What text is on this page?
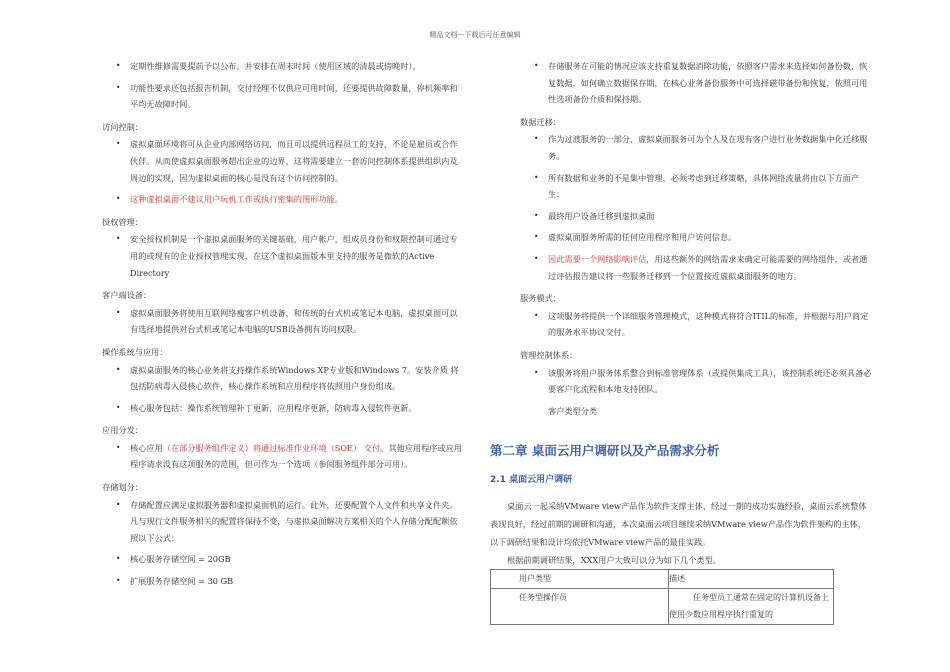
精品文档---下载后可任意编辑
• 定期性维修需要提前予以公布，并安排在周末时间（使用区域的清晨或傍晚时）。
• 功能性要求还包括报告机制，交付经理不仅供应可用时间，还要提供故障数量，停机频率和平均无故障时间。
访问控制：
• 虚拟桌面环境将可从企业内部网络访问，而且可以提供远程员工的支持，不论是雇员或合作伙伴。从而使虚拟桌面服务超出企业的边界，这将需要建立一套访问控制体系提供组织内及周边的实现，因为虚拟桌面的核心是没有这个访问控制的。
• 这种虚拟桌面不建议用户玩机工作或执行密集的图形功能。
授权管理：
• 安全授权机制是一个虚拟桌面服务的关键基础，用户帐户，组成员身份和权限控制可通过专用的或现有的企业授权管理实现，在这个虚拟桌面版本里支持的服务是微软的Active Directory
客户端设备：
• 虚拟桌面服务将使用互联网络瘦客户机设备，和传统的台式机或笔记本电脑，虚拟桌面可以有选择地提供对台式机或笔记本电脑的USB设备拥有访问权限。
操作系统与应用：
• 虚拟桌面服务的核心业务将支持操作系统Windows XP专业版和Windows 7。安装介质 将包括防病毒入侵核心软件，核心操作系统和应用程序将依照用户身份组成。
• 核心服务包括：操作系统管理补丁更新，应用程序更新，防病毒入侵软件更新。
应用分发：
• 核心应用（在部分服务组件定义）将通过标准作业环境（SOE） 交付。其他应用程序或应用程序请求没有这项服务的范围，但可作为一个选项（参阅服务组件部分可用）。
存储划分：
• 存储配置应满足虚拟服务器和虚拟桌面机的运行。此外，还要配置个人文件和共享文件夹。凡与现行文件服务相关的配置将保持不变，与虚拟桌面解决方案相关的个人存储分配配额依照以下公式：
• 核心服务存储空间 = 20GB
• 扩展服务存储空间 = 30 GB
• 存储服务在可能的情况应该支持重复数据消除功能，依照客户需求来选择如何备份数，恢复数据，如何确立数据保存期，在核心业务备份服务中可选择磁带备份和恢复，依照可用性选项备份介质和保持期。
数据迁移：
• 作为过渡服务的一部分，虚拟桌面服务可为个人及在现有客户进行业务数据集中化迁移服务。
• 所有数据和业务的不是集中管理，必须考虑到迁移策略，具体网络流量将由以下方面产生：
• 最终用户设备迁移到虚拟桌面
• 虚拟桌面服务所需的任何应用程序和用户访问信息。
• 因此需要一个网络影响评估，用这些额外的网络需求来确定可能需要的网络组件，或者通过评估报告建议将一些服务迁移到一个位置接近虚拟桌面服务的地方。
服务模式：
• 这项服务将提供一个详细服务管理模式，这种模式将符合ITIL的标准，并根据与用户商定的服务水平协议交付。
管理控制体系：
• 该服务将用户服务体系整合到标准管理体系（或提供集成工具），该控制系统还必须具备必要客户化流程和本地支持团队。
客户类型分类
第二章 桌面云用户调研以及产品需求分析
2.1 桌面云用户调研
桌面云一起采纳VMware view产品作为软件支撑主体，经过一期的成功实施经验，桌面云系统整体表现良好，经过前期的调研和沟通，本次桌面云项目继续采纳VMware view产品作为软件架构的主体，以下调研结果和设计均依托VMware view产品的最佳实践。
根据前期调研结果，XXX用户大致可以分为如下几个类型。
用户类型	描述
任务型操作员	任务型员工通常在固定的计算机设备上使用少数应用程序执行重复的
